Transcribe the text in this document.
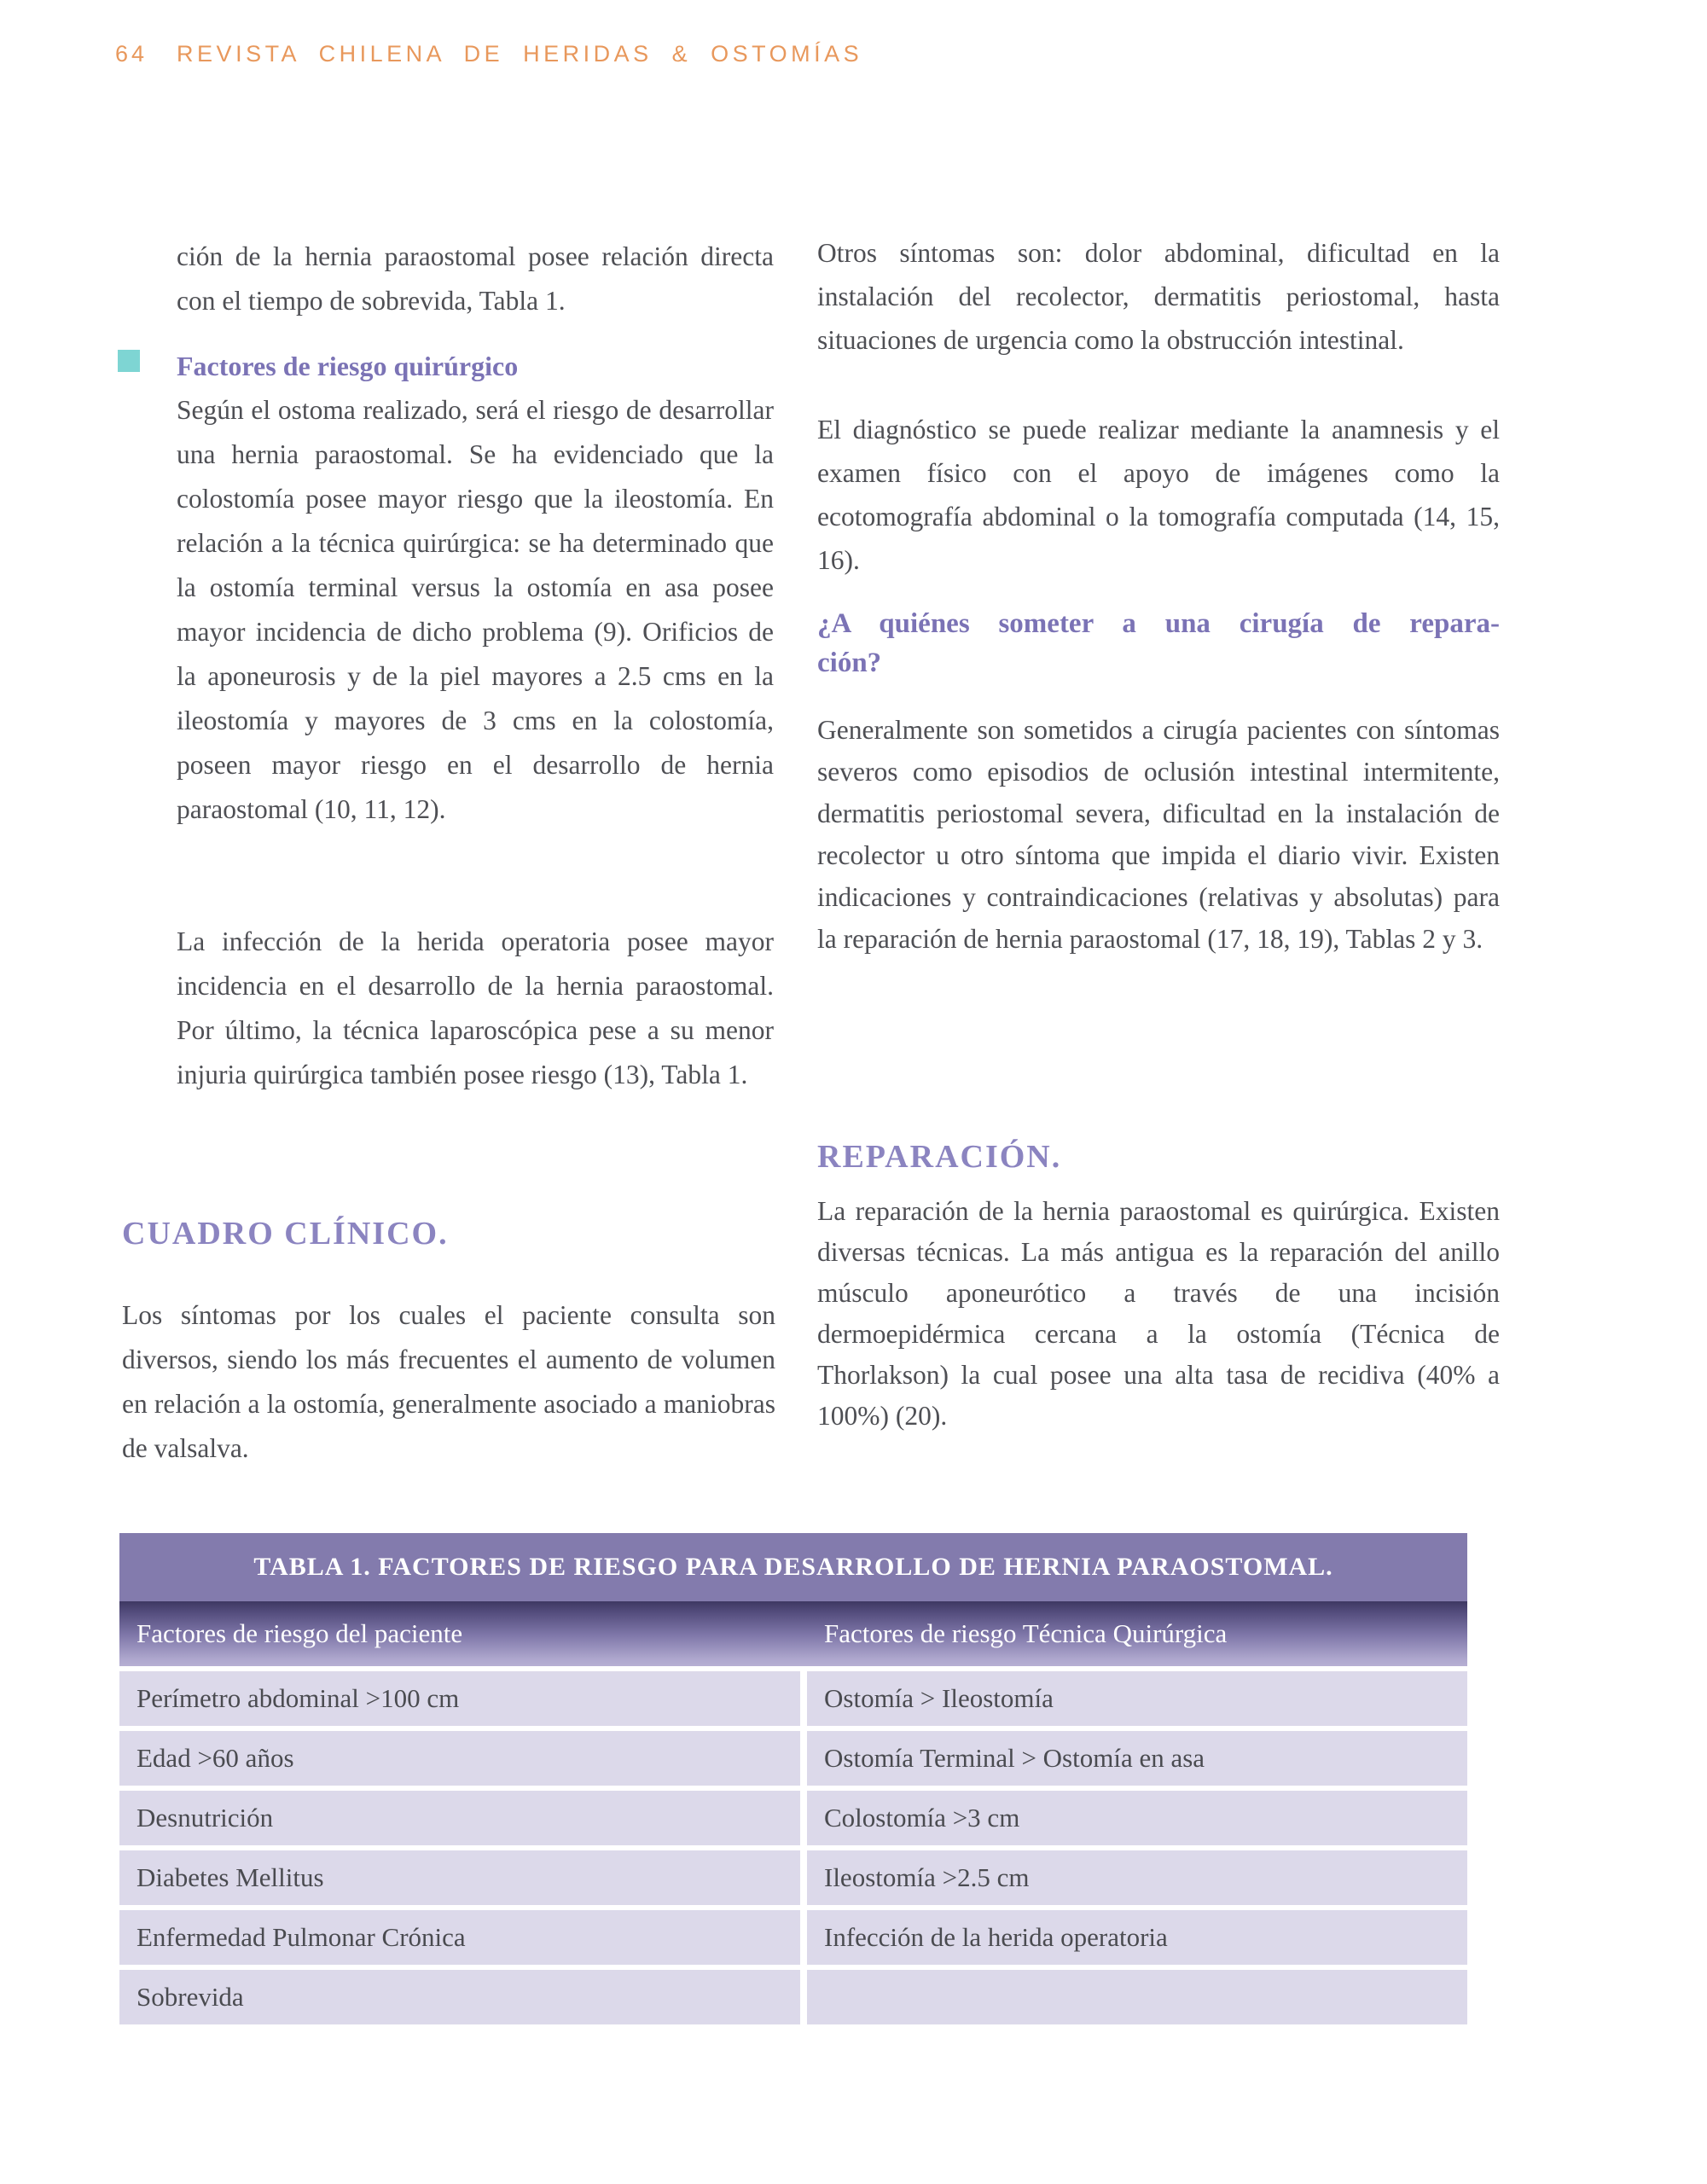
64 REVISTA CHILENA DE HERIDAS & OSTOMÍAS

ción de la hernia paraostomal posee relación directa con el tiempo de sobrevida, Tabla 1.

Factores de riesgo quirúrgico

Según el ostoma realizado, será el riesgo de desarrollar una hernia paraostomal. Se ha evidenciado que la colostomía posee mayor riesgo que la ileostomía. En relación a la técnica quirúrgica: se ha determinado que la ostomía terminal versus la ostomía en asa posee mayor incidencia de dicho problema (9). Orificios de la aponeurosis y de la piel mayores a 2.5 cms en la ileostomía y mayores de 3 cms en la colostomía, poseen mayor riesgo en el desarrollo de hernia paraostomal (10, 11, 12).

La infección de la herida operatoria posee mayor incidencia en el desarrollo de la hernia paraostomal. Por último, la técnica laparoscópica pese a su menor injuria quirúrgica también posee riesgo (13), Tabla 1.

CUADRO CLÍNICO.

Los síntomas por los cuales el paciente consulta son diversos, siendo los más frecuentes el aumento de volumen en relación a la ostomía, generalmente asociado a maniobras de valsalva.

Otros síntomas son: dolor abdominal, dificultad en la instalación del recolector, dermatitis periostomal, hasta situaciones de urgencia como la obstrucción intestinal.

El diagnóstico se puede realizar mediante la anamnesis y el examen físico con el apoyo de imágenes como la ecotomografía abdominal o la tomografía computada (14, 15, 16).

¿A quiénes someter a una cirugía de repara-
ción?

Generalmente son sometidos a cirugía pacientes con síntomas severos como episodios de oclusión intestinal intermitente, dermatitis periostomal severa, dificultad en la instalación de recolector u otro síntoma que impida el diario vivir. Existen indicaciones y contraindicaciones (relativas y absolutas) para la reparación de hernia paraostomal (17, 18, 19), Tablas 2 y 3.

REPARACIÓN.

La reparación de la hernia paraostomal es quirúrgica. Existen diversas técnicas. La más antigua es la reparación del anillo músculo aponeurótico a través de una incisión dermoepidérmica cercana a la ostomía (Técnica de Thorlakson) la cual posee una alta tasa de recidiva (40% a 100%) (20).

TABLA 1. FACTORES DE RIESGO PARA DESARROLLO DE HERNIA PARAOSTOMAL.
Factores de riesgo del paciente	Factores de riesgo Técnica Quirúrgica
Perímetro abdominal >100 cm	Ostomía > Ileostomía
Edad >60 años	Ostomía Terminal > Ostomía en asa
Desnutrición	Colostomía >3 cm
Diabetes Mellitus	Ileostomía >2.5 cm
Enfermedad Pulmonar Crónica	Infección de la herida operatoria
Sobrevida
